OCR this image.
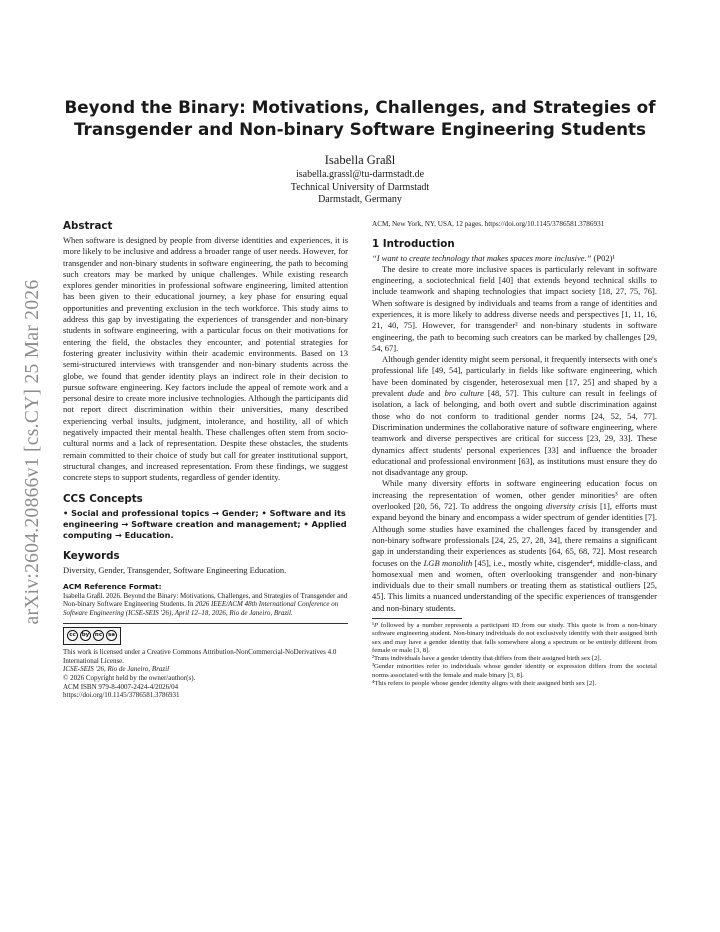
arXiv:2604.20866v1 [cs.CY] 25 Mar 2026
Beyond the Binary: Motivations, Challenges, and Strategies of Transgender and Non-binary Software Engineering Students
Isabella Graßl
isabella.grassl@tu-darmstadt.de
Technical University of Darmstadt
Darmstadt, Germany
Abstract

When software is designed by people from diverse identities and experiences, it is more likely to be inclusive and address a broader range of user needs. However, for transgender and non-binary students in software engineering, the path to becoming such creators may be marked by unique challenges. While existing research explores gender minorities in professional software engineering, limited attention has been given to their educational journey, a key phase for ensuring equal opportunities and preventing exclusion in the tech workforce. This study aims to address this gap by investigating the experiences of transgender and non-binary students in software engineering, with a particular focus on their motivations for entering the field, the obstacles they encounter, and potential strategies for fostering greater inclusivity within their academic environments. Based on 13 semi-structured interviews with transgender and non-binary students across the globe, we found that gender identity plays an indirect role in their decision to pursue software engineering. Key factors include the appeal of remote work and a personal desire to create more inclusive technologies. Although the participants did not report direct discrimination within their universities, many described experiencing verbal insults, judgment, intolerance, and hostility, all of which negatively impacted their mental health. These challenges often stem from socio-cultural norms and a lack of representation. Despite these obstacles, the students remain committed to their choice of study but call for greater institutional support, structural changes, and increased representation. From these findings, we suggest concrete steps to support students, regardless of gender identity.

CCS Concepts

• Social and professional topics → Gender; • Software and its engineering → Software creation and management; • Applied computing → Education.

Keywords

Diversity, Gender, Transgender, Software Engineering Education.

ACM Reference Format:

Isabella Graßl. 2026. Beyond the Binary: Motivations, Challenges, and Strategies of Transgender and Non-binary Software Engineering Students. In 2026 IEEE/ACM 48th International Conference on Software Engineering (ICSE-SEIS '26), April 12–18, 2026, Rio de Janeiro, Brazil.

cc	by	nc	sa

This work is licensed under a Creative Commons Attribution-NonCommercial-NoDerivatives 4.0 International License.

ICSE-SEIS '26, Rio de Janeiro, Brazil

© 2026 Copyright held by the owner/author(s).

ACM ISBN 979-8-4007-2424-4/2026/04

https://doi.org/10.1145/3786581.3786931

ACM, New York, NY, USA, 12 pages. https://doi.org/10.1145/3786581.3786931

1 Introduction

“I want to create technology that makes spaces more inclusive.” (P02)¹

The desire to create more inclusive spaces is particularly relevant in software engineering, a sociotechnical field [40] that extends beyond technical skills to include teamwork and shaping technologies that impact society [18, 27, 75, 76]. When software is designed by individuals and teams from a range of identities and experiences, it is more likely to address diverse needs and perspectives [1, 11, 16, 21, 40, 75]. However, for transgender² and non-binary students in software engineering, the path to becoming such creators can be marked by challenges [29, 54, 67].

Although gender identity might seem personal, it frequently intersects with one's professional life [49, 54], particularly in fields like software engineering, which have been dominated by cisgender, heterosexual men [17, 25] and shaped by a prevalent dude and bro culture [48, 57]. This culture can result in feelings of isolation, a lack of belonging, and both overt and subtle discrimination against those who do not conform to traditional gender norms [24, 52, 54, 77]. Discrimination undermines the collaborative nature of software engineering, where teamwork and diverse perspectives are critical for success [23, 29, 33]. These dynamics affect students' personal experiences [33] and influence the broader educational and professional environment [63], as institutions must ensure they do not disadvantage any group.

While many diversity efforts in software engineering education focus on increasing the representation of women, other gender minorities³ are often overlooked [20, 56, 72]. To address the ongoing diversity crisis [1], efforts must expand beyond the binary and encompass a wider spectrum of gender identities [7]. Although some studies have examined the challenges faced by transgender and non-binary software professionals [24, 25, 27, 28, 34], there remains a significant gap in understanding their experiences as students [64, 65, 68, 72]. Most research focuses on the LGB monolith [45], i.e., mostly white, cisgender⁴, middle-class, and homosexual men and women, often overlooking transgender and non-binary individuals due to their small numbers or treating them as statistical outliers [25, 45]. This limits a nuanced understanding of the specific experiences of transgender and non-binary students.

¹P followed by a number represents a participant ID from our study. This quote is from a non-binary software engineering student. Non-binary individuals do not exclusively identify with their assigned birth sex and may have a gender identity that falls somewhere along a spectrum or be entirely different from female or male [3, 8].

²Trans individuals have a gender identity that differs from their assigned birth sex [2].

³Gender minorities refer to individuals whose gender identity or expression differs from the societal norms associated with the female and male binary [3, 8].

⁴This refers to people whose gender identity aligns with their assigned birth sex [2].
